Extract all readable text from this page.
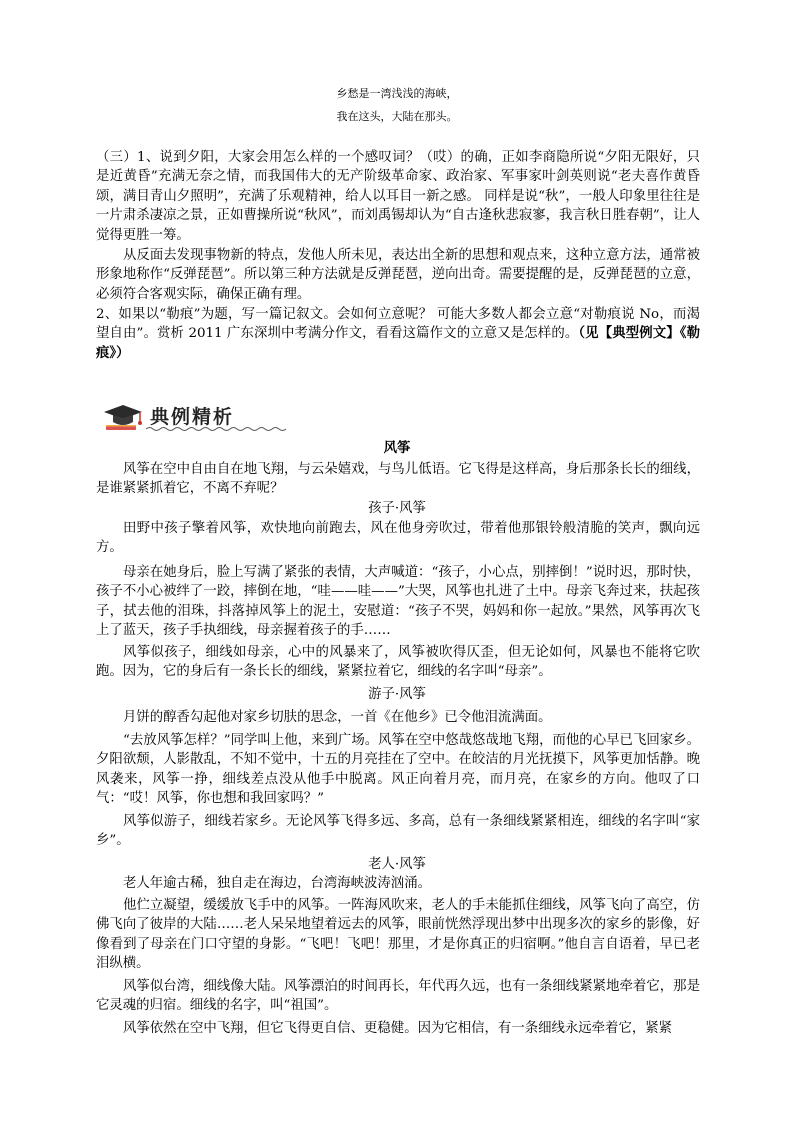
乡愁是一湾浅浅的海峡，
我在这头，大陆在那头。

（三）1、说到夕阳，大家会用怎么样的一个感叹词？（哎）的确，正如李商隐所说“夕阳无限好，只是近黄昏”充满无奈之情，而我国伟大的无产阶级革命家、政治家、军事家叶剑英则说“老夫喜作黄昏颂，满目青山夕照明”，充满了乐观精神，给人以耳目一新之感。 同样是说“秋”，一般人印象里往往是一片肃杀凄凉之景，正如曹操所说“秋风”，而刘禹锡却认为“自古逢秋悲寂寥，我言秋日胜春朝”，让人觉得更胜一筹。

从反面去发现事物新的特点，发他人所未见，表达出全新的思想和观点来，这种立意方法，通常被形象地称作“反弹琵琶”。所以第三种方法就是反弹琵琶，逆向出奇。需要提醒的是，反弹琵琶的立意，必须符合客观实际，确保正确有理。

2、如果以“勒痕”为题，写一篇记叙文。会如何立意呢？ 可能大多数人都会立意“对勒痕说 No，而渴望自由”。赏析 2011 广东深圳中考满分作文，看看这篇作文的立意又是怎样的。（见【典型例文】《勒痕》）

典例精析
风筝

风筝在空中自由自在地飞翔，与云朵嬉戏，与鸟儿低语。它飞得是这样高，身后那条长长的细线，是谁紧紧抓着它，不离不弃呢？

孩子·风筝

田野中孩子擎着风筝，欢快地向前跑去，风在他身旁吹过，带着他那银铃般清脆的笑声，飘向远方。

母亲在她身后，脸上写满了紧张的表情，大声喊道：“孩子，小心点，别摔倒！”说时迟，那时快，孩子不小心被绊了一跤，摔倒在地，“哇——哇——”大哭，风筝也扎进了土中。母亲飞奔过来，扶起孩子，拭去他的泪珠，抖落掉风筝上的泥土，安慰道：“孩子不哭，妈妈和你一起放。”果然，风筝再次飞上了蓝天，孩子手执细线，母亲握着孩子的手……

风筝似孩子，细线如母亲，心中的风暴来了，风筝被吹得仄歪，但无论如何，风暴也不能将它吹跑。因为，它的身后有一条长长的细线，紧紧拉着它，细线的名字叫“母亲”。

游子·风筝

月饼的醇香勾起他对家乡切肤的思念，一首《在他乡》已令他泪流满面。

“去放风筝怎样？”同学叫上他，来到广场。风筝在空中悠哉悠哉地飞翔，而他的心早已飞回家乡。夕阳欲颓，人影散乱，不知不觉中，十五的月亮挂在了空中。在皎洁的月光抚摸下，风筝更加恬静。晚风袭来，风筝一挣，细线差点没从他手中脱离。风正向着月亮，而月亮，在家乡的方向。他叹了口气：“哎！风筝，你也想和我回家吗？”

风筝似游子，细线若家乡。无论风筝飞得多远、多高，总有一条细线紧紧相连，细线的名字叫“家乡”。

老人·风筝

老人年逾古稀，独自走在海边，台湾海峡波涛汹涌。

他伫立凝望，缓缓放飞手中的风筝。一阵海风吹来，老人的手未能抓住细线，风筝飞向了高空，仿佛飞向了彼岸的大陆……老人呆呆地望着远去的风筝，眼前恍然浮现出梦中出现多次的家乡的影像，好像看到了母亲在门口守望的身影。“飞吧！飞吧！那里，才是你真正的归宿啊。”他自言自语着，早已老泪纵横。

风筝似台湾，细线像大陆。风筝漂泊的时间再长，年代再久远，也有一条细线紧紧地牵着它，那是它灵魂的归宿。细线的名字，叫“祖国”。

风筝依然在空中飞翔，但它飞得更自信、更稳健。因为它相信，有一条细线永远牵着它，紧紧
